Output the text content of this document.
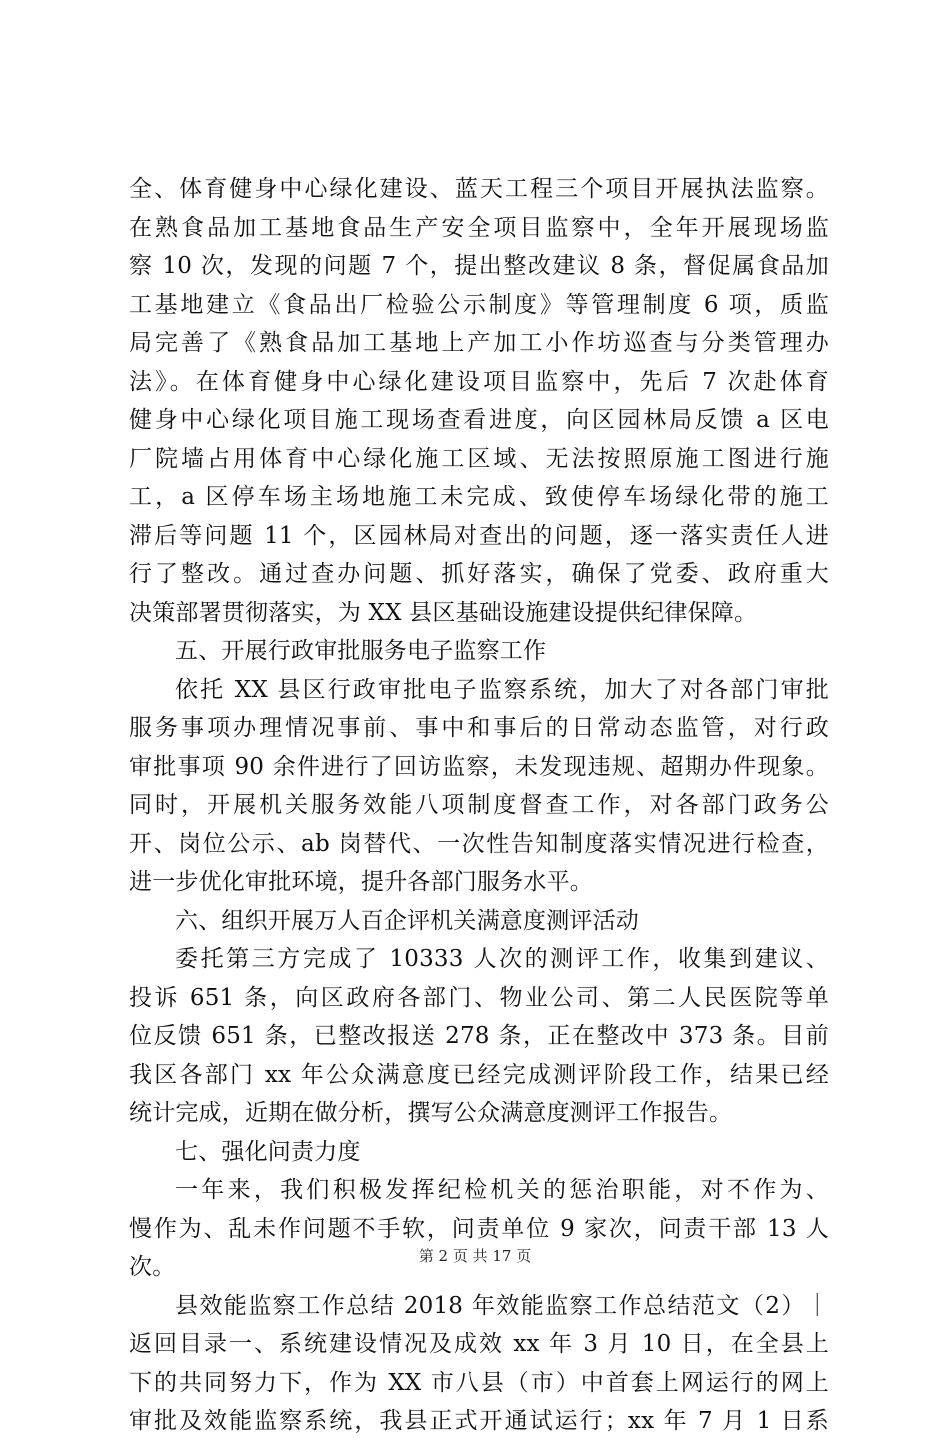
全、体育健身中心绿化建设、蓝天工程三个项目开展执法监察。
在熟食品加工基地食品生产安全项目监察中，全年开展现场监
察 10 次，发现的问题 7 个，提出整改建议 8 条，督促属食品加
工基地建立《食品出厂检验公示制度》等管理制度 6 项，质监
局完善了《熟食品加工基地上产加工小作坊巡查与分类管理办
法》。在体育健身中心绿化建设项目监察中，先后 7 次赴体育
健身中心绿化项目施工现场查看进度，向区园林局反馈 a 区电
厂院墙占用体育中心绿化施工区域、无法按照原施工图进行施
工，a 区停车场主场地施工未完成、致使停车场绿化带的施工
滞后等问题 11 个，区园林局对查出的问题，逐一落实责任人进
行了整改。通过查办问题、抓好落实，确保了党委、政府重大
决策部署贯彻落实，为 XX 县区基础设施建设提供纪律保障。
五、开展行政审批服务电子监察工作
依托 XX 县区行政审批电子监察系统，加大了对各部门审批
服务事项办理情况事前、事中和事后的日常动态监管，对行政
审批事项 90 余件进行了回访监察，未发现违规、超期办件现象。
同时，开展机关服务效能八项制度督查工作，对各部门政务公
开、岗位公示、ab 岗替代、一次性告知制度落实情况进行检查，
进一步优化审批环境，提升各部门服务水平。
六、组织开展万人百企评机关满意度测评活动
委托第三方完成了 10333 人次的测评工作，收集到建议、
投诉 651 条，向区政府各部门、物业公司、第二人民医院等单
位反馈 651 条，已整改报送 278 条，正在整改中 373 条。目前
我区各部门 xx 年公众满意度已经完成测评阶段工作，结果已经
统计完成，近期在做分析，撰写公众满意度测评工作报告。
七、强化问责力度
一年来，我们积极发挥纪检机关的惩治职能，对不作为、
慢作为、乱未作问题不手软，问责单位 9 家次，问责干部 13 人
次。
县效能监察工作总结 2018 年效能监察工作总结范文（2）｜
返回目录一、系统建设情况及成效 xx 年 3 月 10 日，在全县上
下的共同努力下，作为 XX 市八县（市）中首套上网运行的网上
审批及效能监察系统，我县正式开通试运行；xx 年 7 月 1 日系
第 2 页 共 17 页
